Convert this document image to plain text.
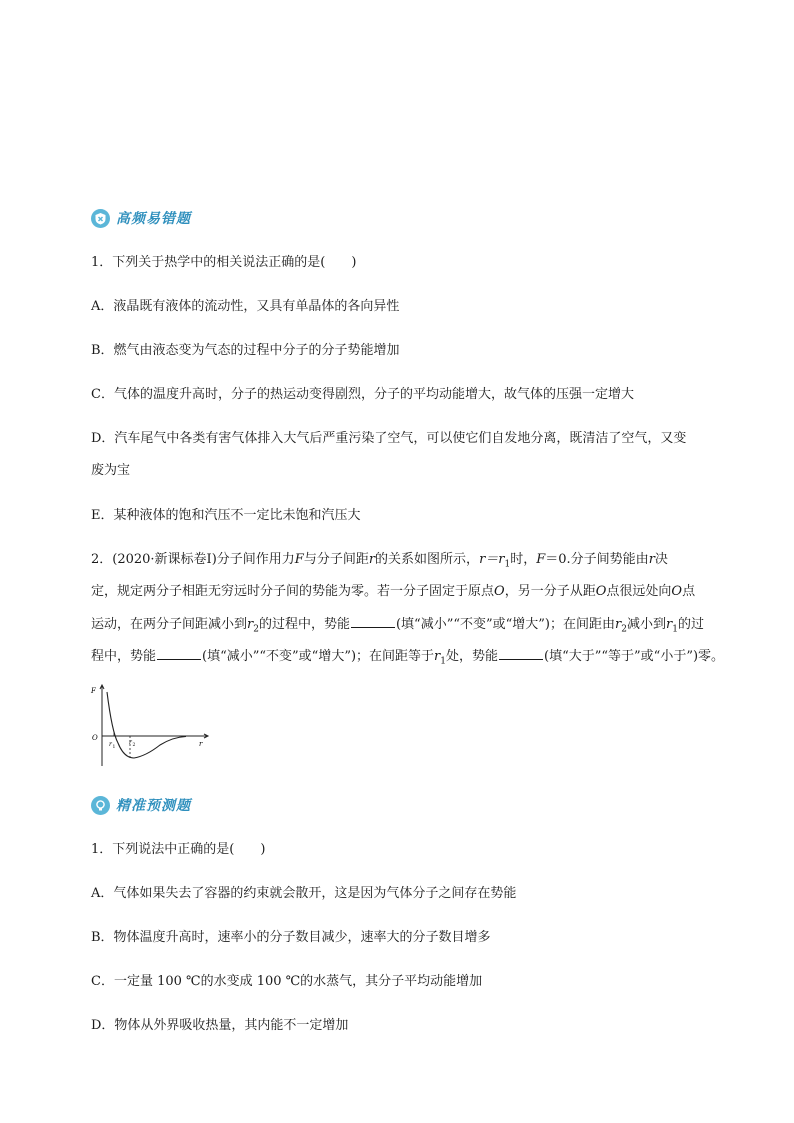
高频易错题
1．下列关于热学中的相关说法正确的是(　　)
A．液晶既有液体的流动性，又具有单晶体的各向异性
B．燃气由液态变为气态的过程中分子的分子势能增加
C．气体的温度升高时，分子的热运动变得剧烈，分子的平均动能增大，故气体的压强一定增大
D．汽车尾气中各类有害气体排入大气后严重污染了空气，可以使它们自发地分离，既清洁了空气，又变
废为宝
E．某种液体的饱和汽压不一定比未饱和汽压大
2．(2020·新课标卷Ⅰ)分子间作用力F与分子间距r的关系如图所示，$r=r_1$时，F＝0.分子间势能由r决
定，规定两分子相距无穷远时分子间的势能为零。若一分子固定于原点O，另一分子从距O点很远处向O点
运动，在两分子间距减小到$r_2$的过程中，势能	(填“减小”“不变”或“增大”)；在间距由$r_2$减小到$r_1$的过
程中，势能	(填“减小”“不变”或“增大”)；在间距等于$r_1$处，势能	(填“大于”“等于”或“小于”)零。
F
O
r
r 1
r 2
精准预测题
1．下列说法中正确的是(　　)
A．气体如果失去了容器的约束就会散开，这是因为气体分子之间存在势能
B．物体温度升高时，速率小的分子数目减少，速率大的分子数目增多
C．一定量 100 ℃的水变成 100 ℃的水蒸气，其分子平均动能增加
D．物体从外界吸收热量，其内能不一定增加
